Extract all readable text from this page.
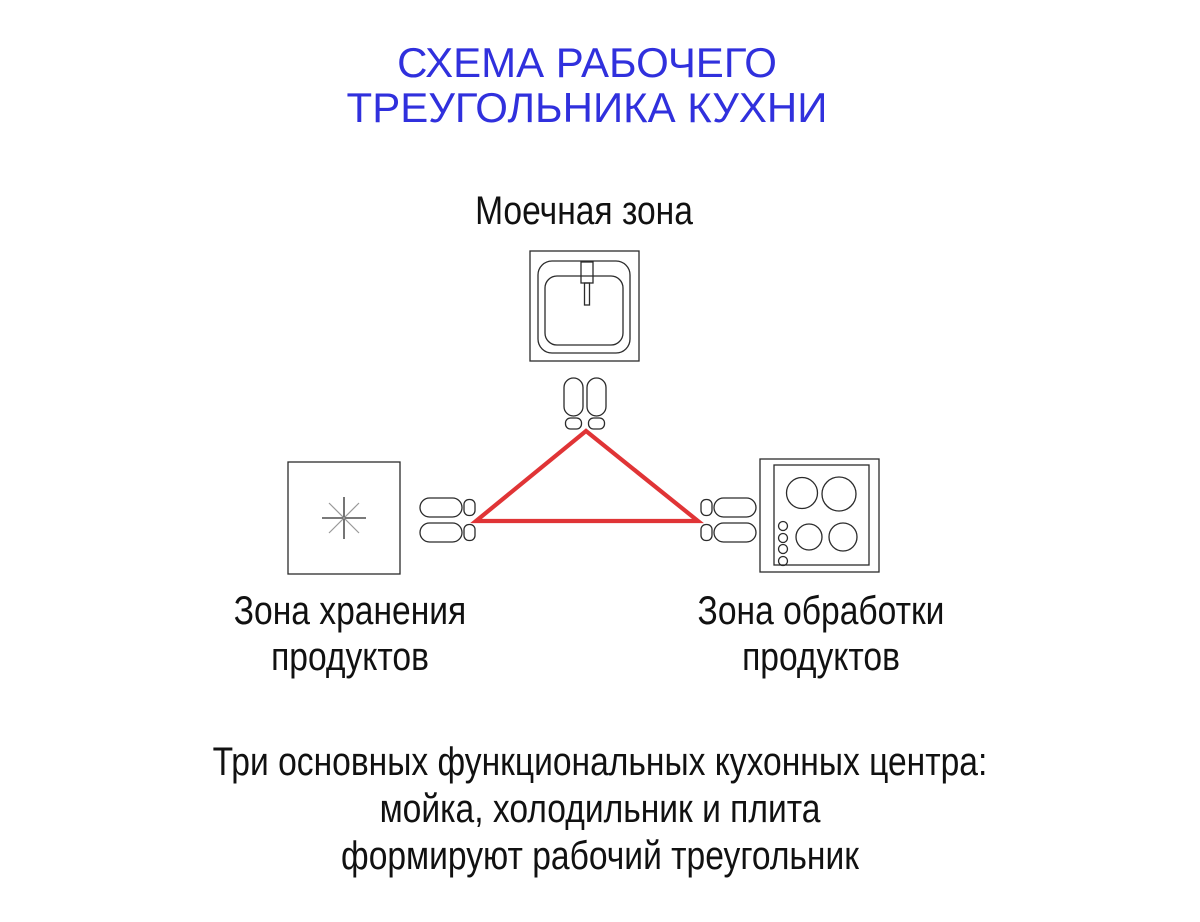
СХЕМА РАБОЧЕГО
ТРЕУГОЛЬНИКА КУХНИ
Моечная зона
Зона хранения
продуктов
Зона обработки
продуктов
Три основных функциональных кухонных центра:
мойка, холодильник и плита
формируют рабочий треугольник
